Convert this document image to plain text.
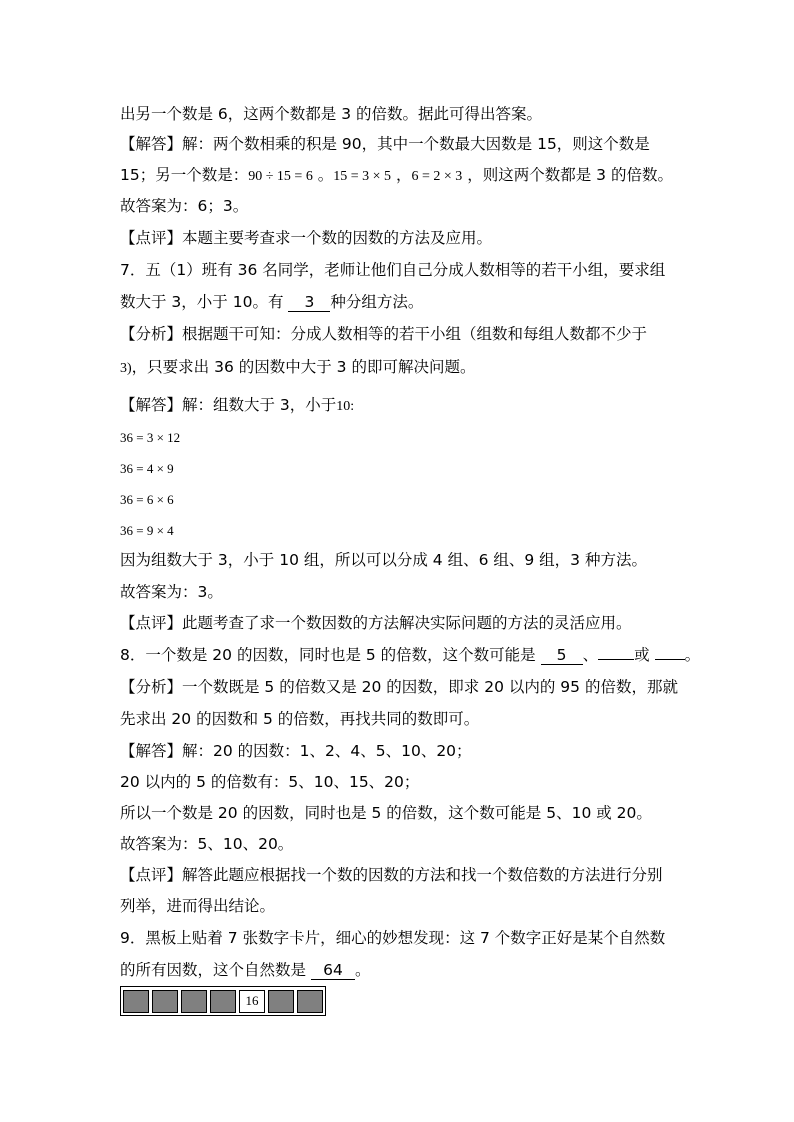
出另一个数是 6，这两个数都是 3 的倍数。据此可得出答案。
【解答】解：两个数相乘的积是 90，其中一个数最大因数是 15，则这个数是
15；另一个数是：90 ÷ 15 = 6 。15 = 3 × 5 ，6 = 2 × 3 ，则这两个数都是 3 的倍数。
故答案为：6；3。
【点评】本题主要考查求一个数的因数的方法及应用。
7．五（1）班有 36 名同学，老师让他们自己分成人数相等的若干小组，要求组
数大于 3，小于 10。有 3 种分组方法。
【分析】根据题干可知：分成人数相等的若干小组（组数和每组人数都不少于
3)，只要求出 36 的因数中大于 3 的即可解决问题。
【解答】解：组数大于 3，小于10:
36 = 3 × 12
36 = 4 × 9
36 = 6 × 6
36 = 9 × 4
因为组数大于 3，小于 10 组，所以可以分成 4 组、6 组、9 组，3 种方法。
故答案为：3。
【点评】此题考查了求一个数因数的方法解决实际问题的方法的灵活应用。
8．一个数是 20 的因数，同时也是 5 的倍数，这个数可能是 5 、 或 。
【分析】一个数既是 5 的倍数又是 20 的因数，即求 20 以内的 95 的倍数，那就
先求出 20 的因数和 5 的倍数，再找共同的数即可。
【解答】解：20 的因数：1、2、4、5、10、20；
20 以内的 5 的倍数有：5、10、15、20；
所以一个数是 20 的因数，同时也是 5 的倍数，这个数可能是 5、10 或 20。
故答案为：5、10、20。
【点评】解答此题应根据找一个数的因数的方法和找一个数倍数的方法进行分别
列举，进而得出结论。
9．黑板上贴着 7 张数字卡片，细心的妙想发现：这 7 个数字正好是某个自然数
的所有因数，这个自然数是 64 。
16
